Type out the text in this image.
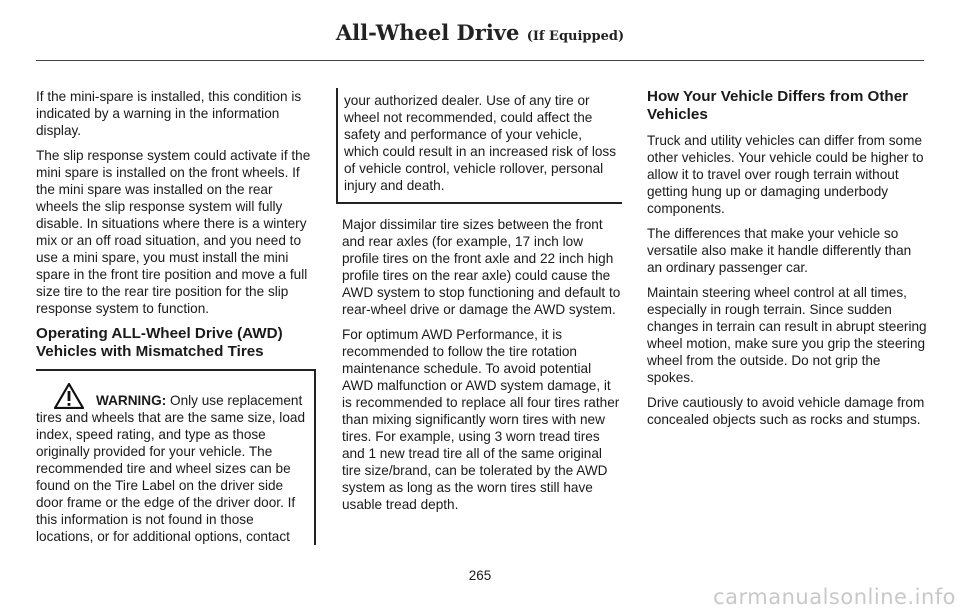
All-Wheel Drive (If Equipped)

If the mini-spare is installed, this condition is indicated by a warning in the information display.

The slip response system could activate if the mini spare is installed on the front wheels. If the mini spare was installed on the rear wheels the slip response system will fully disable. In situations where there is a wintery mix or an off road situation, and you need to use a mini spare, you must install the mini spare in the front tire position and move a full size tire to the rear tire position for the slip response system to function.

Operating ALL-Wheel Drive (AWD) Vehicles with Mismatched Tires
WARNING: Only use replacement tires and wheels that are the same size, load index, speed rating, and type as those originally provided for your vehicle. The recommended tire and wheel sizes can be found on the Tire Label on the driver side door frame or the edge of the driver door. If this information is not found in those locations, or for additional options, contact
your authorized dealer. Use of any tire or wheel not recommended, could affect the safety and performance of your vehicle, which could result in an increased risk of loss of vehicle control, vehicle rollover, personal injury and death.

Major dissimilar tire sizes between the front and rear axles (for example, 17 inch low profile tires on the front axle and 22 inch high profile tires on the rear axle) could cause the AWD system to stop functioning and default to rear-wheel drive or damage the AWD system.

For optimum AWD Performance, it is recommended to follow the tire rotation maintenance schedule. To avoid potential AWD malfunction or AWD system damage, it is recommended to replace all four tires rather than mixing significantly worn tires with new tires. For example, using 3 worn tread tires and 1 new tread tire all of the same original tire size/brand, can be tolerated by the AWD system as long as the worn tires still have usable tread depth.

How Your Vehicle Differs from Other Vehicles

Truck and utility vehicles can differ from some other vehicles. Your vehicle could be higher to allow it to travel over rough terrain without getting hung up or damaging underbody components.

The differences that make your vehicle so versatile also make it handle differently than an ordinary passenger car.

Maintain steering wheel control at all times, especially in rough terrain. Since sudden changes in terrain can result in abrupt steering wheel motion, make sure you grip the steering wheel from the outside. Do not grip the spokes.

Drive cautiously to avoid vehicle damage from concealed objects such as rocks and stumps.

265
carmanualsonline.info
